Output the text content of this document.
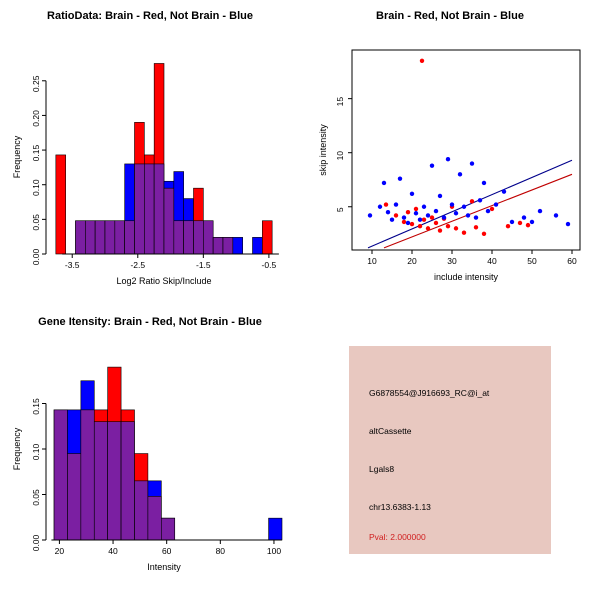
RatioData: Brain - Red, Not Brain - Blue
-3.5	-2.5	-1.5	-0.5
0.00
0.05
0.10
0.15
0.20
0.25
Log2 Ratio Skip/Include
Frequency
Brain - Red, Not Brain - Blue
10	20	30	40	50	60
5
10
15
include intensity
skip intensity
Gene Itensity: Brain - Red, Not Brain - Blue
20	40	60	80	100
0.00
0.05
0.10
0.15
Intensity
Frequency
G6878554@J916693_RC@i_at
altCassette
Lgals8
chr13.6383-1.13
Pval: 2.000000
